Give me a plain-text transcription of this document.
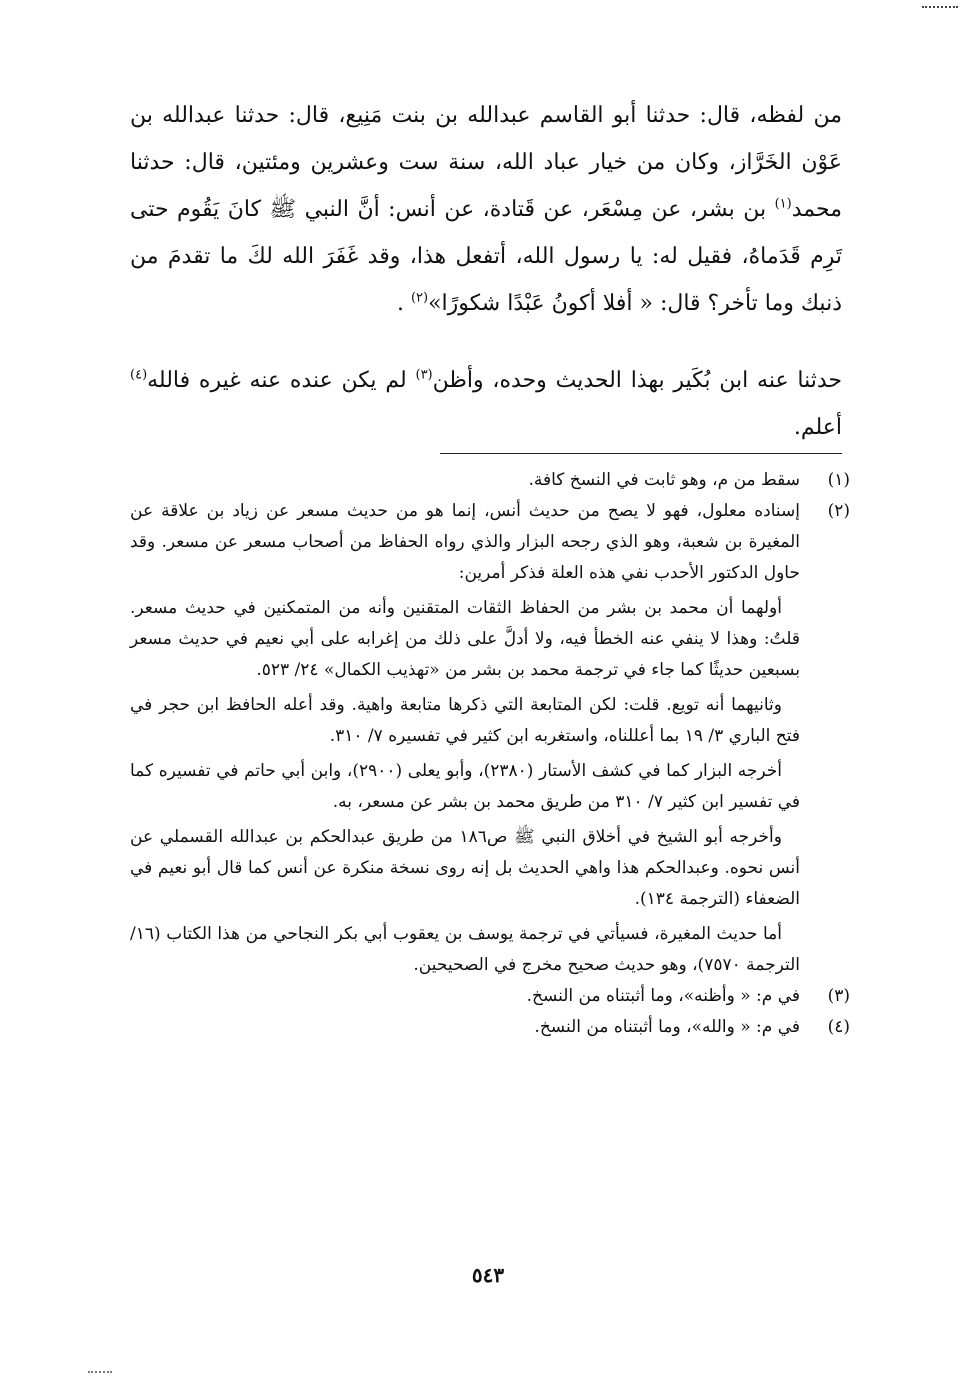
من لفظه، قال: حدثنا أبو القاسم عبدالله بن بنت مَنِيع، قال: حدثنا عبدالله بن عَوْن الخَرَّاز، وكان من خيار عباد الله، سنة ست وعشرين ومئتين، قال: حدثنا محمد$^{(١)}$ بن بشر، عن مِسْعَر، عن قَتادة، عن أنس: أنَّ النبي ﷺ كانَ يَقُوم حتى تَرِم قَدَماهُ، فقيل له: يا رسول الله، أتفعل هذا، وقد غَفَرَ الله لكَ ما تقدمَ من ذنبك وما تأخر؟ قال: « أفلا أكونُ عَبْدًا شكورًا»$^{(٢)}$ .

حدثنا عنه ابن بُكَير بهذا الحديث وحده، وأظن$^{(٣)}$ لم يكن عنده عنه غيره فالله$^{(٤)}$ أعلم.

(١)

سقط من م، وهو ثابت في النسخ كافة.

(٢)

إسناده معلول، فهو لا يصح من حديث أنس، إنما هو من حديث مسعر عن زياد بن علاقة عن المغيرة بن شعبة، وهو الذي رجحه البزار والذي رواه الحفاظ من أصحاب مسعر عن مسعر. وقد حاول الدكتور الأحدب نفي هذه العلة فذكر أمرين:

أولهما أن محمد بن بشر من الحفاظ الثقات المتقنين وأنه من المتمكنين في حديث مسعر. قلتُ: وهذا لا ينفي عنه الخطأ فيه، ولا أدلَّ على ذلك من إغرابه على أبي نعيم في حديث مسعر بسبعين حديثًا كما جاء في ترجمة محمد بن بشر من «تهذيب الكمال» ٢٤/ ٥٢٣.

وثانيهما أنه تويع. قلت: لكن المتابعة التي ذكرها متابعة واهية. وقد أعله الحافظ ابن حجر في فتح الباري ٣/ ١٩ بما أعللناه، واستغربه ابن كثير في تفسيره ٧/ ٣١٠.

أخرجه البزار كما في كشف الأستار (٢٣٨٠)، وأبو يعلى (٢٩٠٠)، وابن أبي حاتم في تفسيره كما في تفسير ابن كثير ٧/ ٣١٠ من طريق محمد بن بشر عن مسعر، به.

وأخرجه أبو الشيخ في أخلاق النبي ﷺ ص١٨٦ من طريق عبدالحكم بن عبدالله القسملي عن أنس نحوه. وعبدالحكم هذا واهي الحديث بل إنه روى نسخة منكرة عن أنس كما قال أبو نعيم في الضعفاء (الترجمة ١٣٤).

أما حديث المغيرة، فسيأتي في ترجمة يوسف بن يعقوب أبي بكر النجاحي من هذا الكتاب (١٦/ الترجمة ٧٥٧٠)، وهو حديث صحيح مخرج في الصحيحين.

(٣)

في م: « وأظنه»، وما أثبتناه من النسخ.

(٤)

في م: « والله»، وما أثبتناه من النسخ.

٥٤٣
